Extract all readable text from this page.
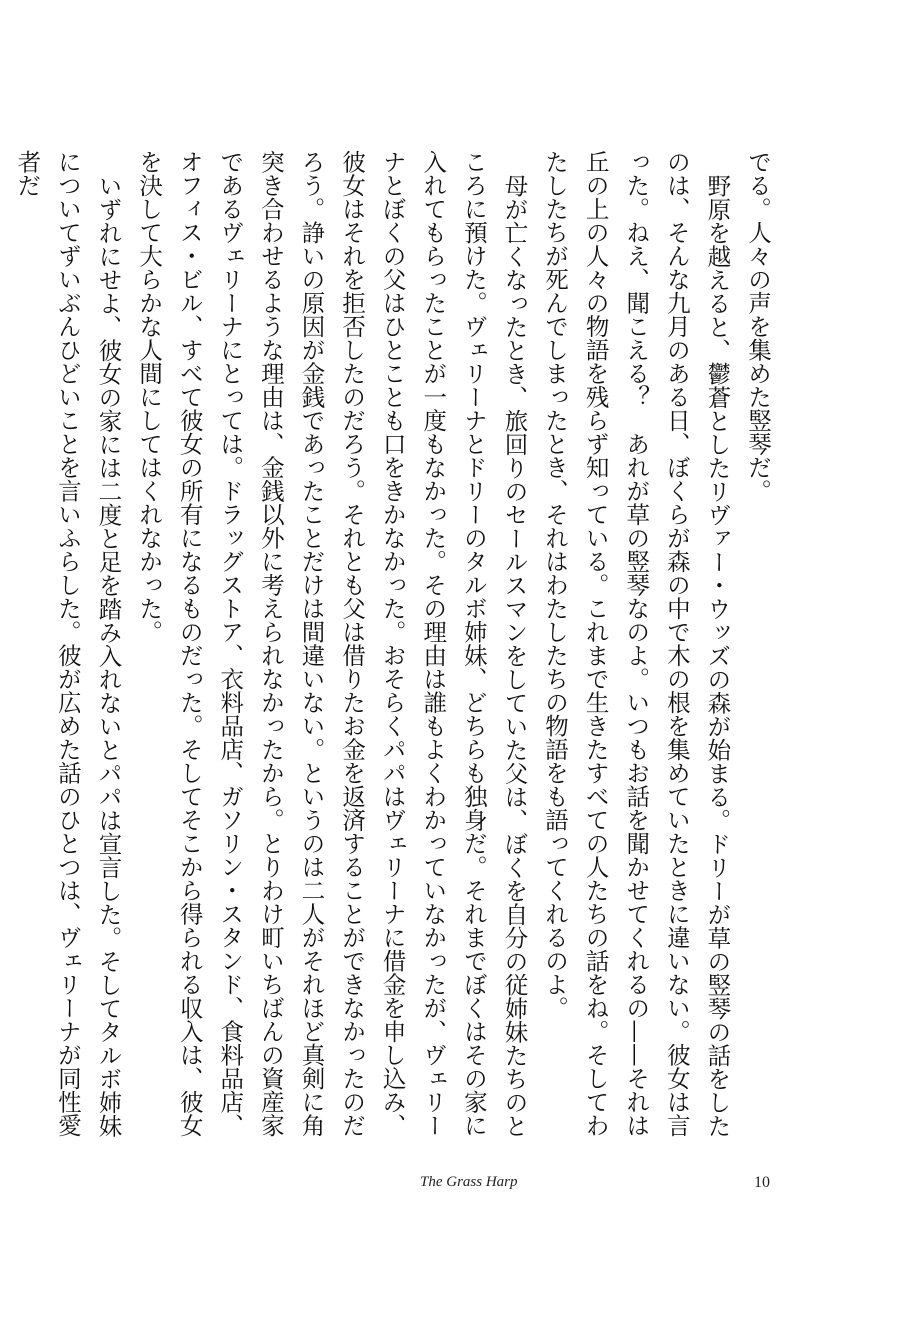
でる。人々の声を集めた竪琴だ。

野原を越えると、鬱蒼としたリヴァー・ウッズの森が始まる。ドリーが草の竪琴の話をしたのは、そんな九月のある日、ぼくらが森の中で木の根を集めていたときに違いない。彼女は言った。ねえ、聞こえる？　あれが草の竪琴なのよ。いつもお話を聞かせてくれるの——それは丘の上の人々の物語を残らず知っている。これまで生きたすべての人たちの話をね。そしてわたしたちが死んでしまったとき、それはわたしたちの物語をも語ってくれるのよ。

母が亡くなったとき、旅回りのセールスマンをしていた父は、ぼくを自分の従姉妹たちのところに預けた。ヴェリーナとドリーのタルボ姉妹、どちらも独身だ。それまでぼくはその家に入れてもらったことが一度もなかった。その理由は誰もよくわかっていなかったが、ヴェリーナとぼくの父はひとことも口をきかなかった。おそらくパパはヴェリーナに借金を申し込み、彼女はそれを拒否したのだろう。それとも父は借りたお金を返済することができなかったのだろう。諍いの原因が金銭であったことだけは間違いない。というのは二人がそれほど真剣に角突き合わせるような理由は、金銭以外に考えられなかったから。とりわけ町いちばんの資産家であるヴェリーナにとっては。ドラッグストア、衣料品店、ガソリン・スタンド、食料品店、オフィス・ビル、すべて彼女の所有になるものだった。そしてそこから得られる収入は、彼女を決して大らかな人間にしてはくれなかった。

いずれにせよ、彼女の家には二度と足を踏み入れないとパパは宣言した。そしてタルボ姉妹についてずいぶんひどいことを言いふらした。彼が広めた話のひとつは、ヴェリーナが同性愛者だ

The Grass Harp	10
